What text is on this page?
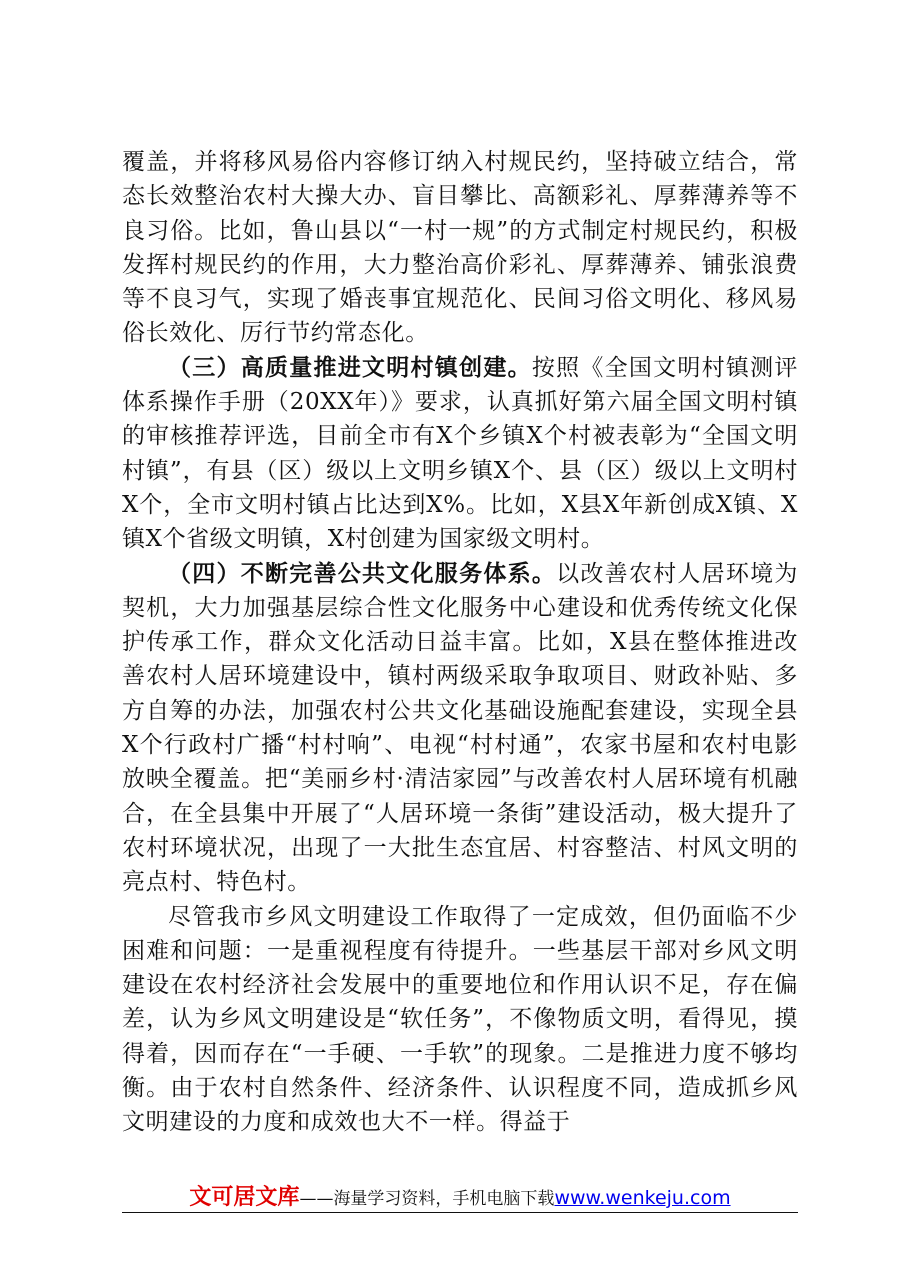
覆盖，并将移风易俗内容修订纳入村规民约，坚持破立结合，常态长效整治农村大操大办、盲目攀比、高额彩礼、厚葬薄养等不良习俗。比如，鲁山县以“一村一规”的方式制定村规民约，积极发挥村规民约的作用，大力整治高价彩礼、厚葬薄养、铺张浪费等不良习气，实现了婚丧事宜规范化、民间习俗文明化、移风易俗长效化、厉行节约常态化。

（三）高质量推进文明村镇创建。按照《全国文明村镇测评体系操作手册（20XX年）》要求，认真抓好第六届全国文明村镇的审核推荐评选，目前全市有X个乡镇X个村被表彰为“全国文明村镇”，有县（区）级以上文明乡镇X个、县（区）级以上文明村X个，全市文明村镇占比达到X%。比如，X县X年新创成X镇、X镇X个省级文明镇，X村创建为国家级文明村。

（四）不断完善公共文化服务体系。以改善农村人居环境为契机，大力加强基层综合性文化服务中心建设和优秀传统文化保护传承工作，群众文化活动日益丰富。比如，X县在整体推进改善农村人居环境建设中，镇村两级采取争取项目、财政补贴、多方自筹的办法，加强农村公共文化基础设施配套建设，实现全县X个行政村广播“村村响”、电视“村村通”，农家书屋和农村电影放映全覆盖。把“美丽乡村·清洁家园”与改善农村人居环境有机融合，在全县集中开展了“人居环境一条街”建设活动，极大提升了农村环境状况，出现了一大批生态宜居、村容整洁、村风文明的亮点村、特色村。

尽管我市乡风文明建设工作取得了一定成效，但仍面临不少困难和问题：一是重视程度有待提升。一些基层干部对乡风文明建设在农村经济社会发展中的重要地位和作用认识不足，存在偏差，认为乡风文明建设是“软任务”，不像物质文明，看得见，摸得着，因而存在“一手硬、一手软”的现象。二是推进力度不够均衡。由于农村自然条件、经济条件、认识程度不同，造成抓乡风文明建设的力度和成效也大不一样。得益于

文可居文库——海量学习资料，手机电脑下载www.wenkeju.com
